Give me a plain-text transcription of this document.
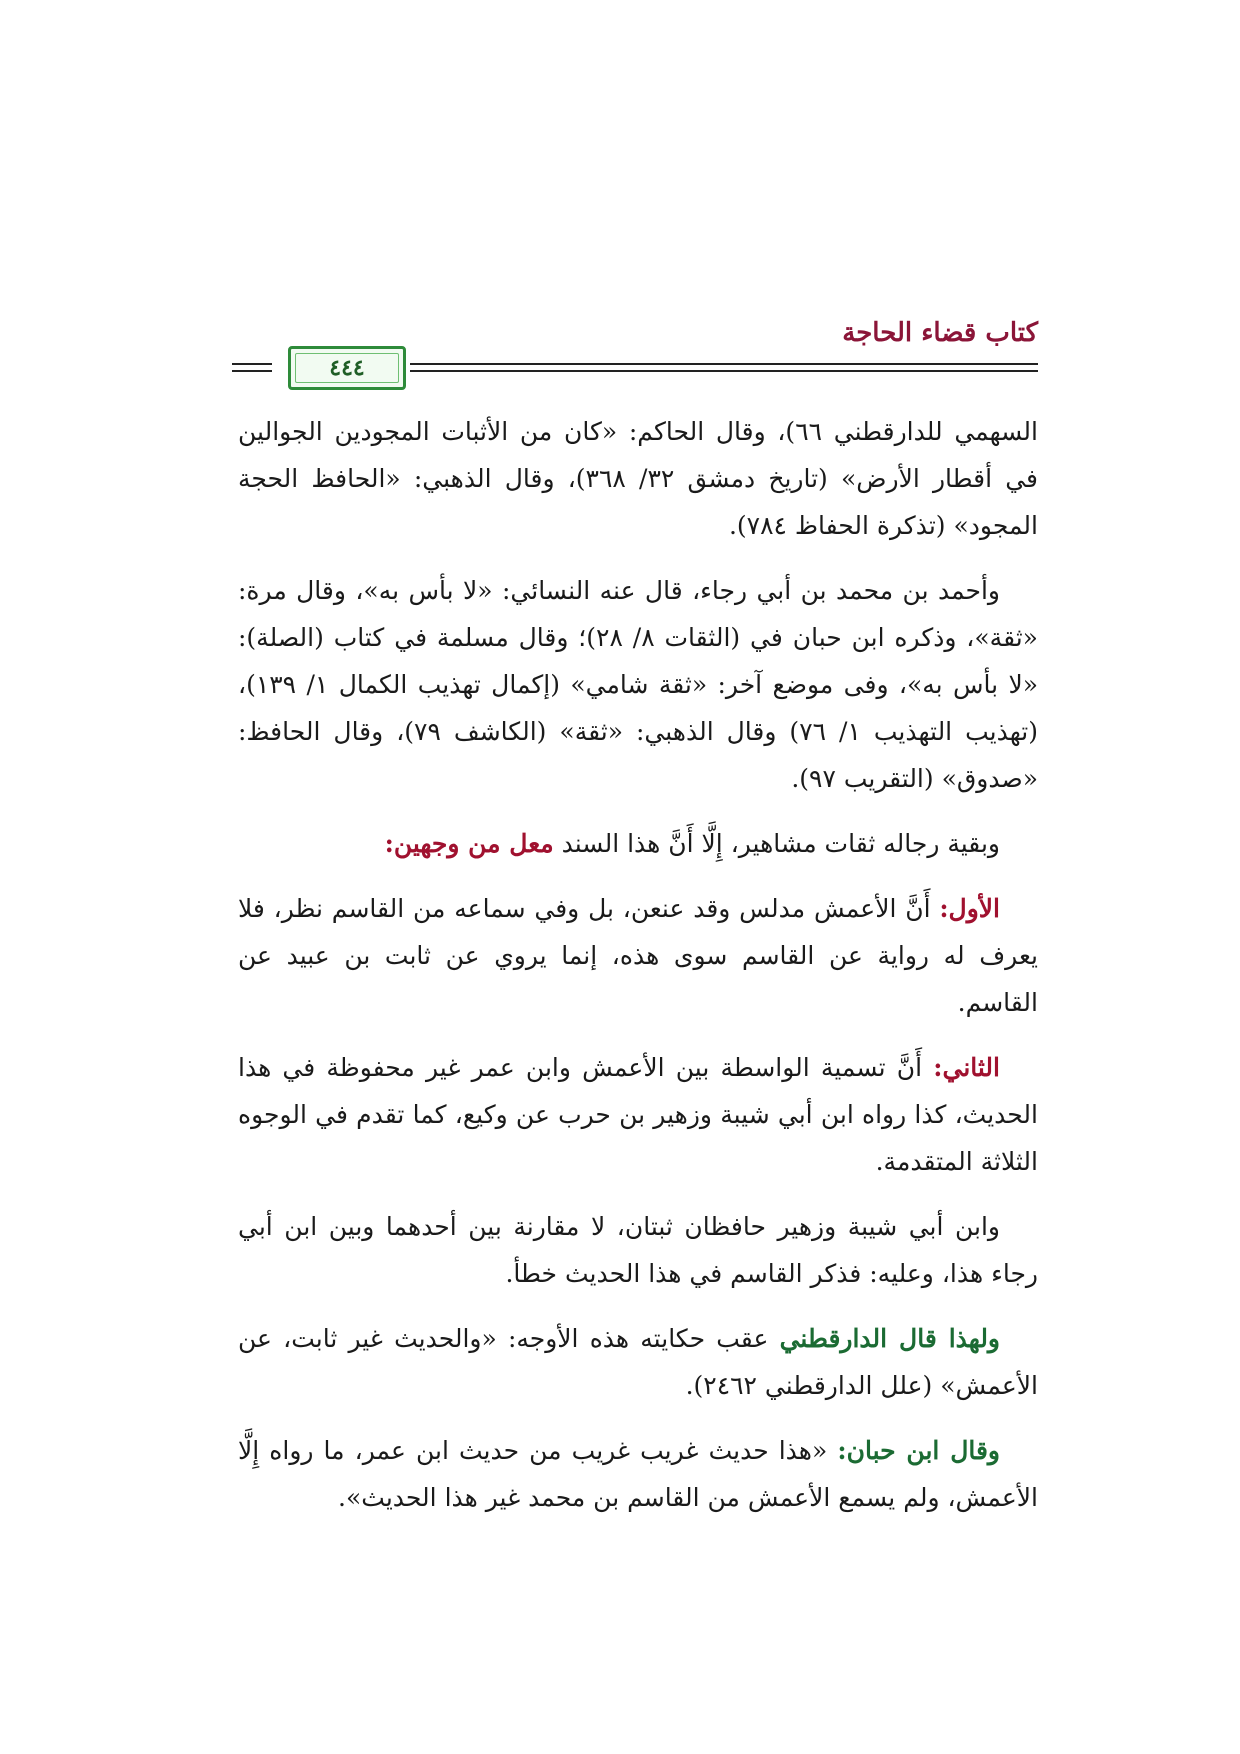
كتاب قضاء الحاجة
٤٤٤

السهمي للدارقطني ٦٦)، وقال الحاكم: «كان من الأثبات المجودين الجوالين في أقطار الأرض» (تاريخ دمشق ٣٢/ ٣٦٨)، وقال الذهبي: «الحافظ الحجة المجود» (تذكرة الحفاظ ٧٨٤).

وأحمد بن محمد بن أبي رجاء، قال عنه النسائي: «لا بأس به»، وقال مرة: «ثقة»، وذكره ابن حبان في (الثقات ٨/ ٢٨)؛ وقال مسلمة في كتاب (الصلة): «لا بأس به»، وفى موضع آخر: «ثقة شامي» (إكمال تهذيب الكمال ١/ ١٣٩)، (تهذيب التهذيب ١/ ٧٦) وقال الذهبي: «ثقة» (الكاشف ٧٩)، وقال الحافظ: «صدوق» (التقريب ٩٧).

وبقية رجاله ثقات مشاهير، إِلَّا أَنَّ هذا السند معل من وجهين:

الأول: أَنَّ الأعمش مدلس وقد عنعن، بل وفي سماعه من القاسم نظر، فلا يعرف له رواية عن القاسم سوى هذه، إنما يروي عن ثابت بن عبيد عن القاسم.

الثاني: أَنَّ تسمية الواسطة بين الأعمش وابن عمر غير محفوظة في هذا الحديث، كذا رواه ابن أبي شيبة وزهير بن حرب عن وكيع، كما تقدم في الوجوه الثلاثة المتقدمة.

وابن أبي شيبة وزهير حافظان ثبتان، لا مقارنة بين أحدهما وبين ابن أبي رجاء هذا، وعليه: فذكر القاسم في هذا الحديث خطأ.

ولهذا قال الدارقطني عقب حكايته هذه الأوجه: «والحديث غير ثابت، عن الأعمش» (علل الدارقطني ٢٤٦٢).

وقال ابن حبان: «هذا حديث غريب غريب من حديث ابن عمر، ما رواه إِلَّا الأعمش، ولم يسمع الأعمش من القاسم بن محمد غير هذا الحديث».
